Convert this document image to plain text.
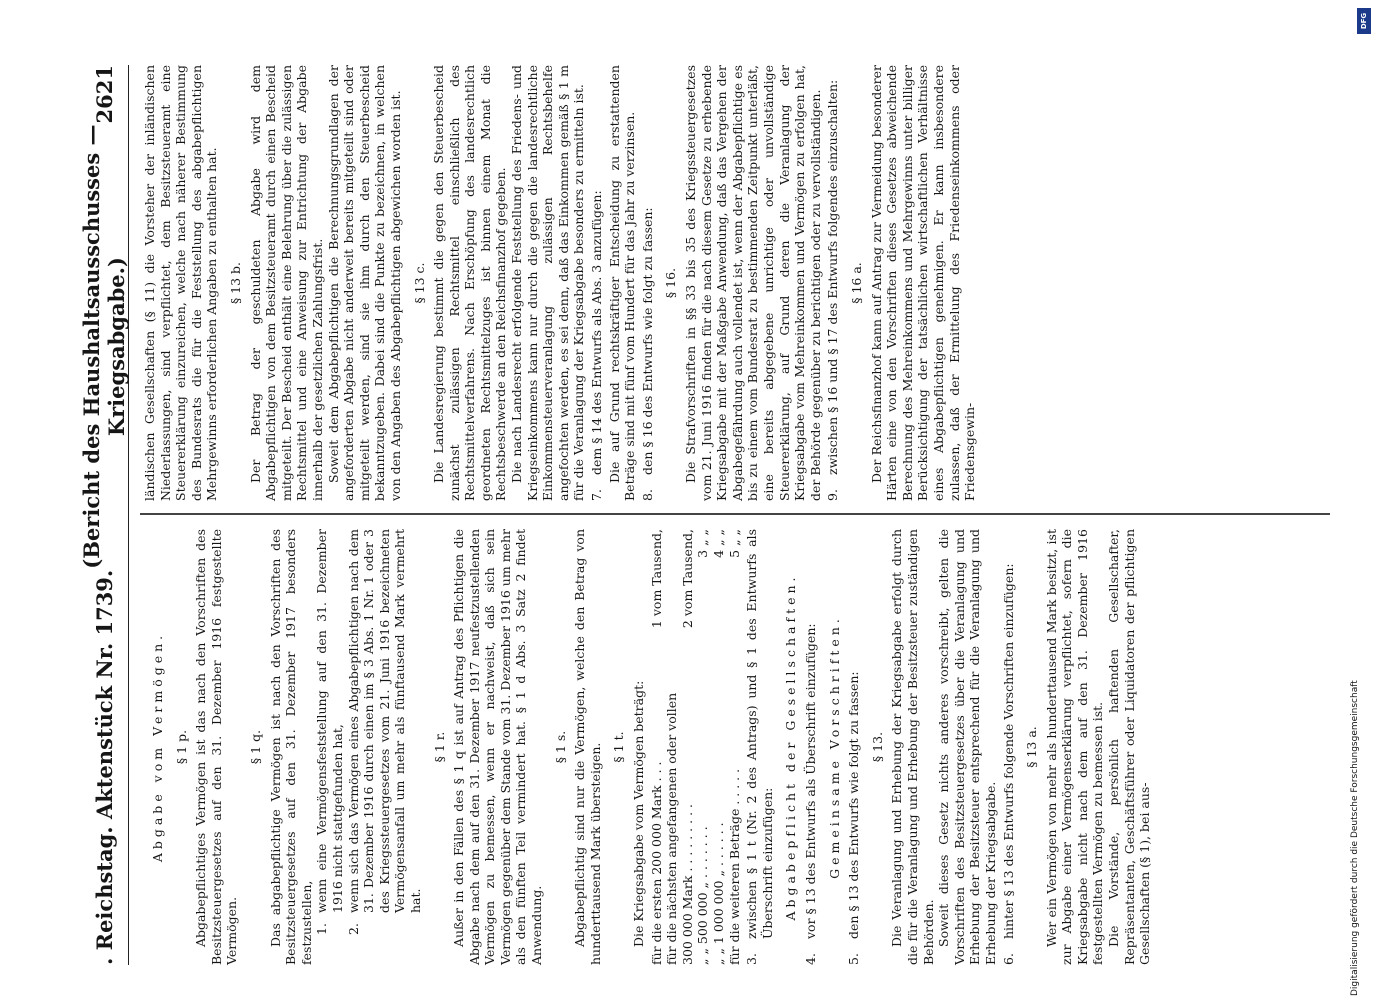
. Reichstag. Aktenstück Nr. 1739.
(Bericht des Haushaltsausschusses — Kriegsabgabe.)
2621

Abgabe vom Vermögen. § 1 p. Abgabepflichtiges Vermögen ist das nach den Vorschriften des Besitzsteuergesetzes auf den 31. Dezember 1916 festgestellte Vermögen.

§ 1 q. Das abgabepflichtige Vermögen ist nach den Vorschriften des Besitzsteuergesetzes auf den 31. Dezember 1917 besonders festzustellen, 1.
wenn eine Vermögensfeststellung auf den 31. Dezember 1916 nicht stattgefunden hat,
2.
wenn sich das Vermögen eines Abgabepflichtigen nach dem 31. Dezember 1916 durch einen im § 3 Abs. 1 Nr. 1 oder 3 des Kriegssteuergesetzes vom 21. Juni 1916 bezeichneten Vermögensanfall um mehr als fünftausend Mark vermehrt hat.

§ 1 r. Außer in den Fällen des § 1 q ist auf Antrag des Pflichtigen die Abgabe nach dem auf den 31. Dezember 1917 neufestzustellenden Vermögen zu bemessen, wenn er nachweist, daß sich sein Vermögen gegenüber dem Stande vom 31. Dezember 1916 um mehr als den fünften Teil vermindert hat. § 1 d Abs. 3 Satz 2 findet Anwendung.

§ 1 s. Abgabepflichtig sind nur die Vermögen, welche den Betrag von hunderttausend Mark übersteigen. § 1 t. Die Kriegsabgabe vom Vermögen beträgt: für die ersten 200 000 Mark . . .	1 vom Tausend,
für die nächsten angefangenen oder vollen	
300 000 Mark . . . . . . . . .	2 vom Tausend,
„ „ 500 000 „ . . . . . . .	3 „ „
„ „ 1 000 000 „ . . . . . .	4 „ „
für die weiteren Beträge . . . . .	5 „ „
3.
zwischen § 1 t (Nr. 2 des Antrags) und § 1 des Entwurfs als Überschrift einzufügen: Abgabepflicht der Gesellschaften.

4.
vor § 13 des Entwurfs als Überschrift einzufügen: Gemeinsame Vorschriften.

5.
den § 13 des Entwurfs wie folgt zu fassen: § 13. Die Veranlagung und Erhebung der Kriegsabgabe erfolgt durch die für die Veranlagung und Erhebung der Besitzsteuer zuständigen Behörden. Soweit dieses Gesetz nichts anderes vorschreibt, gelten die Vorschriften des Besitzsteuergesetzes über die Veranlagung und Erhebung der Besitzsteuer entsprechend für die Veranlagung und Erhebung der Kriegsabgabe. 6.
hinter § 13 des Entwurfs folgende Vorschriften einzufügen: § 13 a. Wer ein Vermögen von mehr als hunderttausend Mark besitzt, ist zur Abgabe einer Vermögenserklärung verpflichtet, sofern die Kriegsabgabe nicht nach dem auf den 31. Dezember 1916 festgestellten Vermögen zu bemessen ist. Die Vorstände, persönlich haftenden Gesellschafter, Repräsentanten, Geschäftsführer oder Liquidatoren der pflichtigen Gesellschaften (§ 1), bei aus-

ländischen Gesellschaften (§ 11) die Vorsteher der inländischen Niederlassungen, sind verpflichtet, dem Besitzsteueramt eine Steuererklärung einzureichen, welche nach näherer Bestimmung des Bundesrats die für die Feststellung des abgabepflichtigen Mehrgewinns erforderlichen Angaben zu enthalten hat. § 13 b. Der Betrag der geschuldeten Abgabe wird dem Abgabepflichtigen von dem Besitzsteueramt durch einen Bescheid mitgeteilt. Der Bescheid enthält eine Belehrung über die zulässigen Rechtsmittel und eine Anweisung zur Entrichtung der Abgabe innerhalb der gesetzlichen Zahlungsfrist. Soweit dem Abgabepflichtigen die Berechnungsgrundlagen der angeforderten Abgabe nicht anderweit bereits mitgeteilt sind oder mitgeteilt werden, sind sie ihm durch den Steuerbescheid bekanntzugeben. Dabei sind die Punkte zu bezeichnen, in welchen von den Angaben des Abgabepflichtigen abgewichen worden ist. § 13 c. Die Landesregierung bestimmt die gegen den Steuerbescheid zunächst zulässigen Rechtsmittel einschließlich des Rechtsmittelverfahrens. Nach Erschöpfung des landesrechtlich geordneten Rechtsmittelzuges ist binnen einem Monat die Rechtsbeschwerde an den Reichsfinanzhof gegeben. Die nach Landesrecht erfolgende Feststellung des Friedens- und Kriegseinkommens kann nur durch die gegen die landesrechtliche Einkommensteuerveranlagung zulässigen Rechtsbehelfe angefochten werden, es sei denn, daß das Einkommen gemäß § 1 m für die Veranlagung der Kriegsabgabe besonders zu ermitteln ist. 7.
dem § 14 des Entwurfs als Abs. 3 anzufügen: Die auf Grund rechtskräftiger Entscheidung zu erstattenden Beträge sind mit fünf vom Hundert für das Jahr zu verzinsen. 8.
den § 16 des Entwurfs wie folgt zu fassen: § 16. Die Strafvorschriften in §§ 33 bis 35 des Kriegssteuergesetzes vom 21. Juni 1916 finden für die nach diesem Gesetze zu erhebende Kriegsabgabe mit der Maßgabe Anwendung, daß das Vergehen der Abgabegefährdung auch vollendet ist, wenn der Abgabepflichtige es bis zu einem vom Bundesrat zu bestimmenden Zeitpunkt unterläßt, eine bereits abgegebene unrichtige oder unvollständige Steuererklärung, auf Grund deren die Veranlagung der Kriegsabgabe vom Mehreinkommen und Vermögen zu erfolgen hat, der Behörde gegenüber zu berichtigen oder zu vervollständigen. 9.
zwischen § 16 und § 17 des Entwurfs folgendes einzuschalten: § 16 a. Der Reichsfinanzhof kann auf Antrag zur Vermeidung besonderer Härten eine von den Vorschriften dieses Gesetzes abweichende Berechnung des Mehreinkommens und Mehrgewinns unter billiger Berücksichtigung der tatsächlichen wirtschaftlichen Verhältnisse eines Abgabepflichtigen genehmigen. Er kann insbesondere zulassen, daß der Ermittelung des Friedenseinkommens oder Friedensgewin-

Digitalisierung gefördert durch die Deutsche Forschungsgemeinschaft
DFG
